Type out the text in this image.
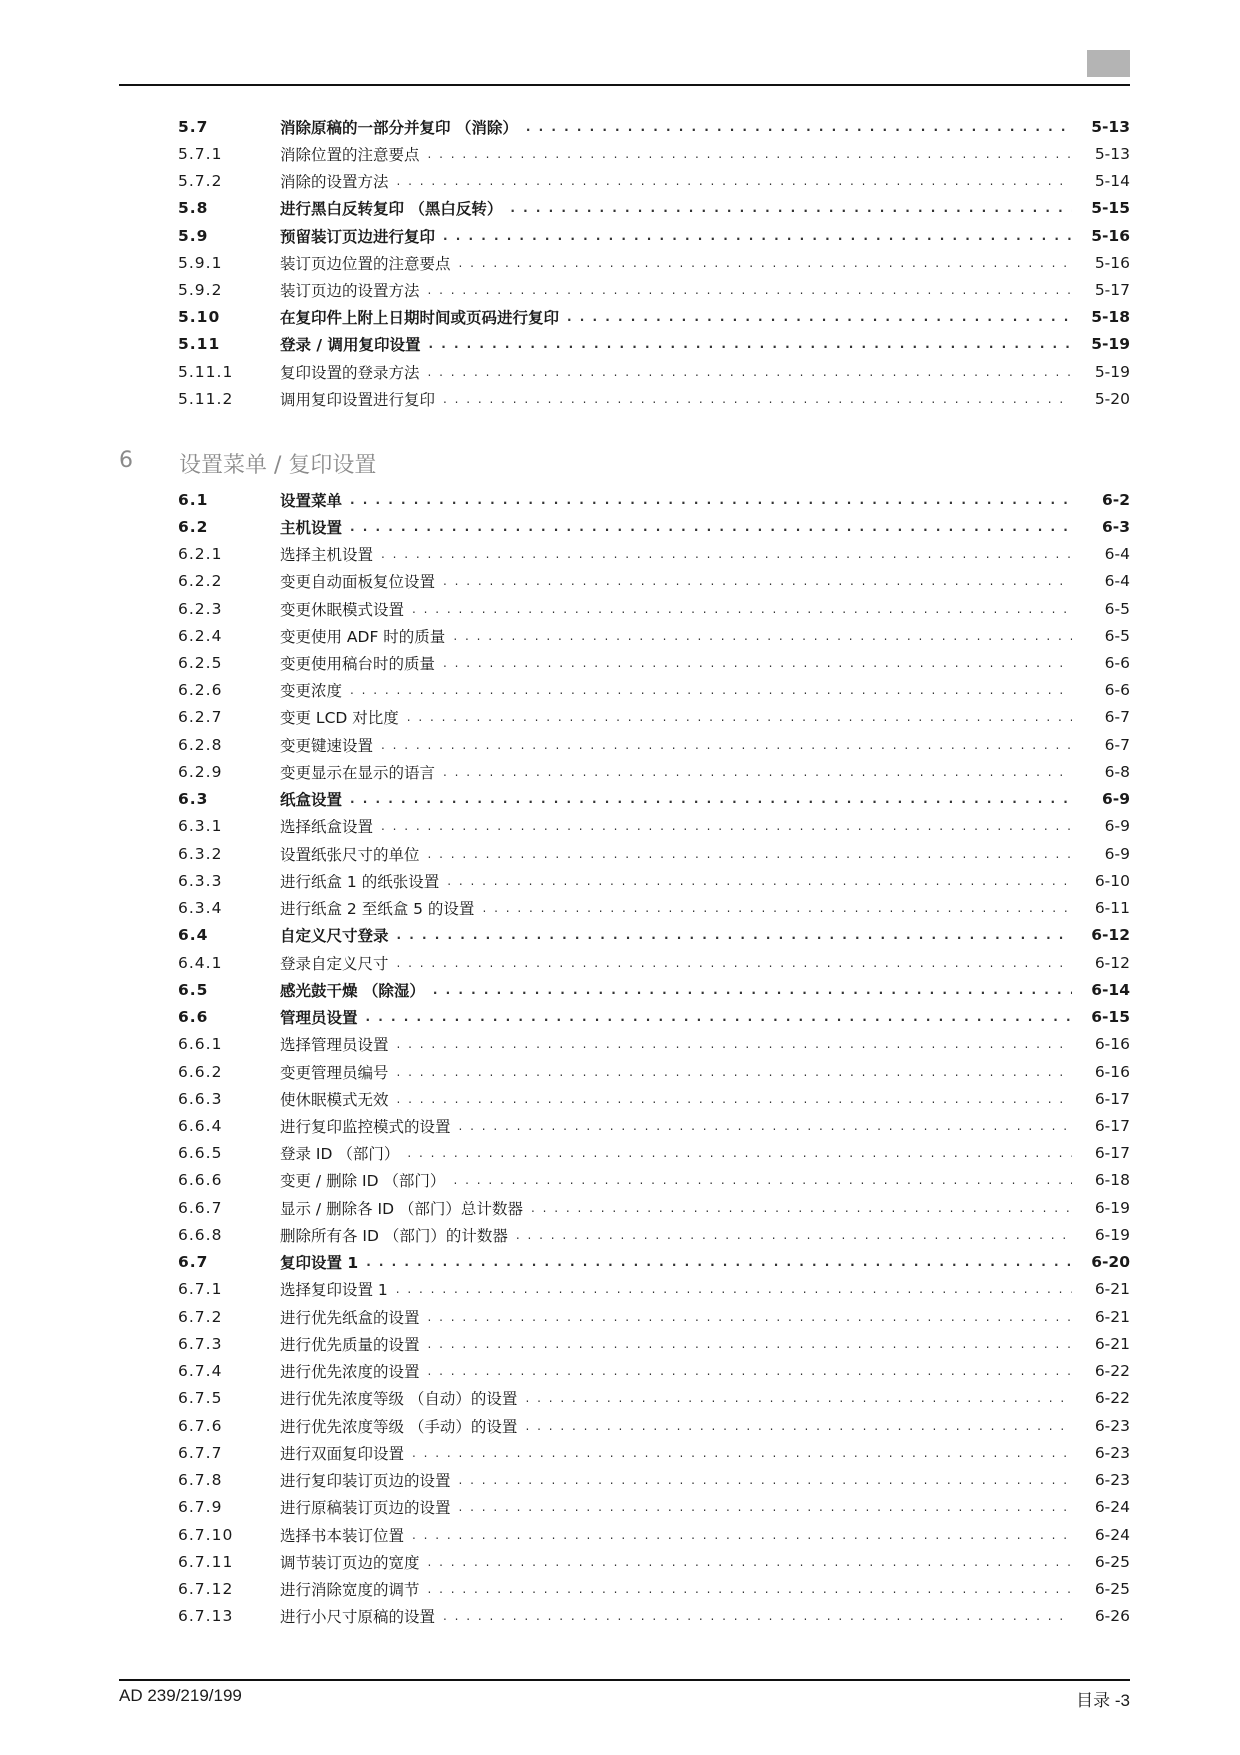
5.7	消除原稿的一部分并复印 （消除） . . .	5-13
5.7.1	消除位置的注意要点 . . .	5-13
5.7.2	消除的设置方法 . . .	5-14
5.8	进行黑白反转复印 （黑白反转） . . .	5-15
5.9	预留装订页边进行复印 . . .	5-16
5.9.1	装订页边位置的注意要点 . . .	5-16
5.9.2	装订页边的设置方法 . . .	5-17
5.10	在复印件上附上日期时间或页码进行复印 . . .	5-18
5.11	登录 / 调用复印设置 . . .	5-19
5.11.1	复印设置的登录方法 . . .	5-19
5.11.2	调用复印设置进行复印 . . .	5-20
6	设置菜单 / 复印设置
6.1	设置菜单 . . .	6-2
6.2	主机设置 . . .	6-3
6.2.1	选择主机设置 . . .	6-4
6.2.2	变更自动面板复位设置 . . .	6-4
6.2.3	变更休眠模式设置 . . .	6-5
6.2.4	变更使用 ADF 时的质量 . . .	6-5
6.2.5	变更使用稿台时的质量 . . .	6-6
6.2.6	变更浓度 . . .	6-6
6.2.7	变更 LCD 对比度 . . .	6-7
6.2.8	变更键速设置 . . .	6-7
6.2.9	变更显示在显示的语言 . . .	6-8
6.3	纸盒设置 . . .	6-9
6.3.1	选择纸盒设置 . . .	6-9
6.3.2	设置纸张尺寸的单位 . . .	6-9
6.3.3	进行纸盒 1 的纸张设置 . . .	6-10
6.3.4	进行纸盒 2 至纸盒 5 的设置 . . .	6-11
6.4	自定义尺寸登录 . . .	6-12
6.4.1	登录自定义尺寸 . . .	6-12
6.5	感光鼓干燥 （除湿） . . .	6-14
6.6	管理员设置 . . .	6-15
6.6.1	选择管理员设置 . . .	6-16
6.6.2	变更管理员编号 . . .	6-16
6.6.3	使休眠模式无效 . . .	6-17
6.6.4	进行复印监控模式的设置 . . .	6-17
6.6.5	登录 ID （部门） . . .	6-17
6.6.6	变更 / 删除 ID （部门） . . .	6-18
6.6.7	显示 / 删除各 ID （部门）总计数器 . . .	6-19
6.6.8	删除所有各 ID （部门）的计数器 . . .	6-19
6.7	复印设置 1 . . .	6-20
6.7.1	选择复印设置 1 . . .	6-21
6.7.2	进行优先纸盒的设置 . . .	6-21
6.7.3	进行优先质量的设置 . . .	6-21
6.7.4	进行优先浓度的设置 . . .	6-22
6.7.5	进行优先浓度等级 （自动）的设置 . . .	6-22
6.7.6	进行优先浓度等级 （手动）的设置 . . .	6-23
6.7.7	进行双面复印设置 . . .	6-23
6.7.8	进行复印装订页边的设置 . . .	6-23
6.7.9	进行原稿装订页边的设置 . . .	6-24
6.7.10	选择书本装订位置 . . .	6-24
6.7.11	调节装订页边的宽度 . . .	6-25
6.7.12	进行消除宽度的调节 . . .	6-25
6.7.13	进行小尺寸原稿的设置 . . .	6-26
AD 239/219/199	目录 -3
